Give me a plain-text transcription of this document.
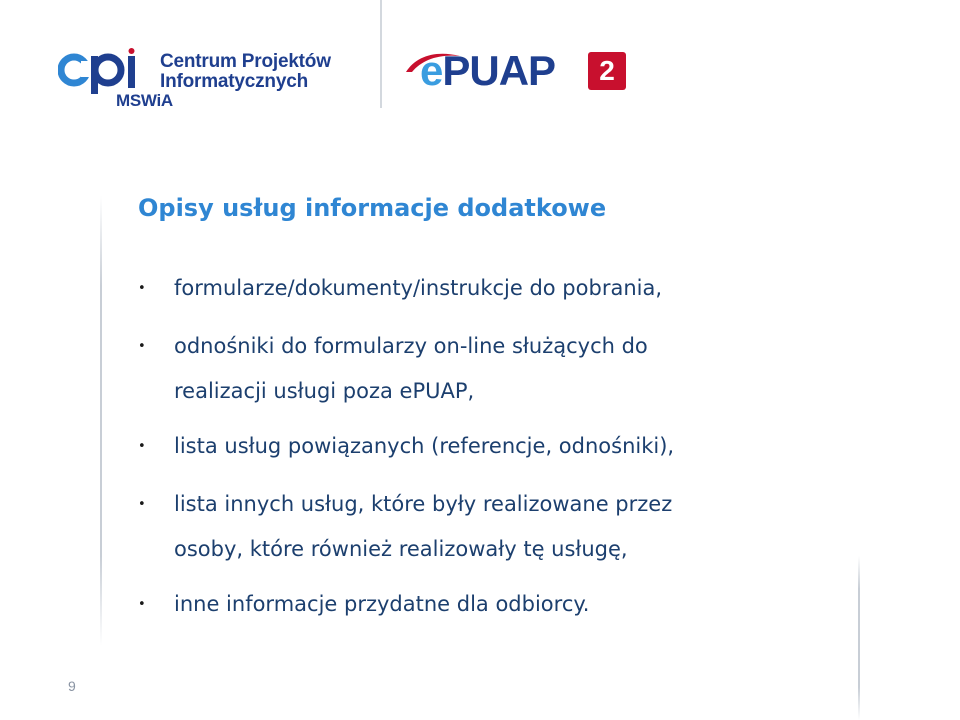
Centrum Projektów
Informatycznych
MSWiA
ePUAP	2
Opisy usług informacje dodatkowe
• formularze/dokumenty/instrukcje do pobrania,
• odnośniki do formularzy on-line służących do
realizacji usługi poza ePUAP,
• lista usług powiązanych (referencje, odnośniki),
• lista innych usług, które były realizowane przez
osoby, które również realizowały tę usługę,
• inne informacje przydatne dla odbiorcy.
9
